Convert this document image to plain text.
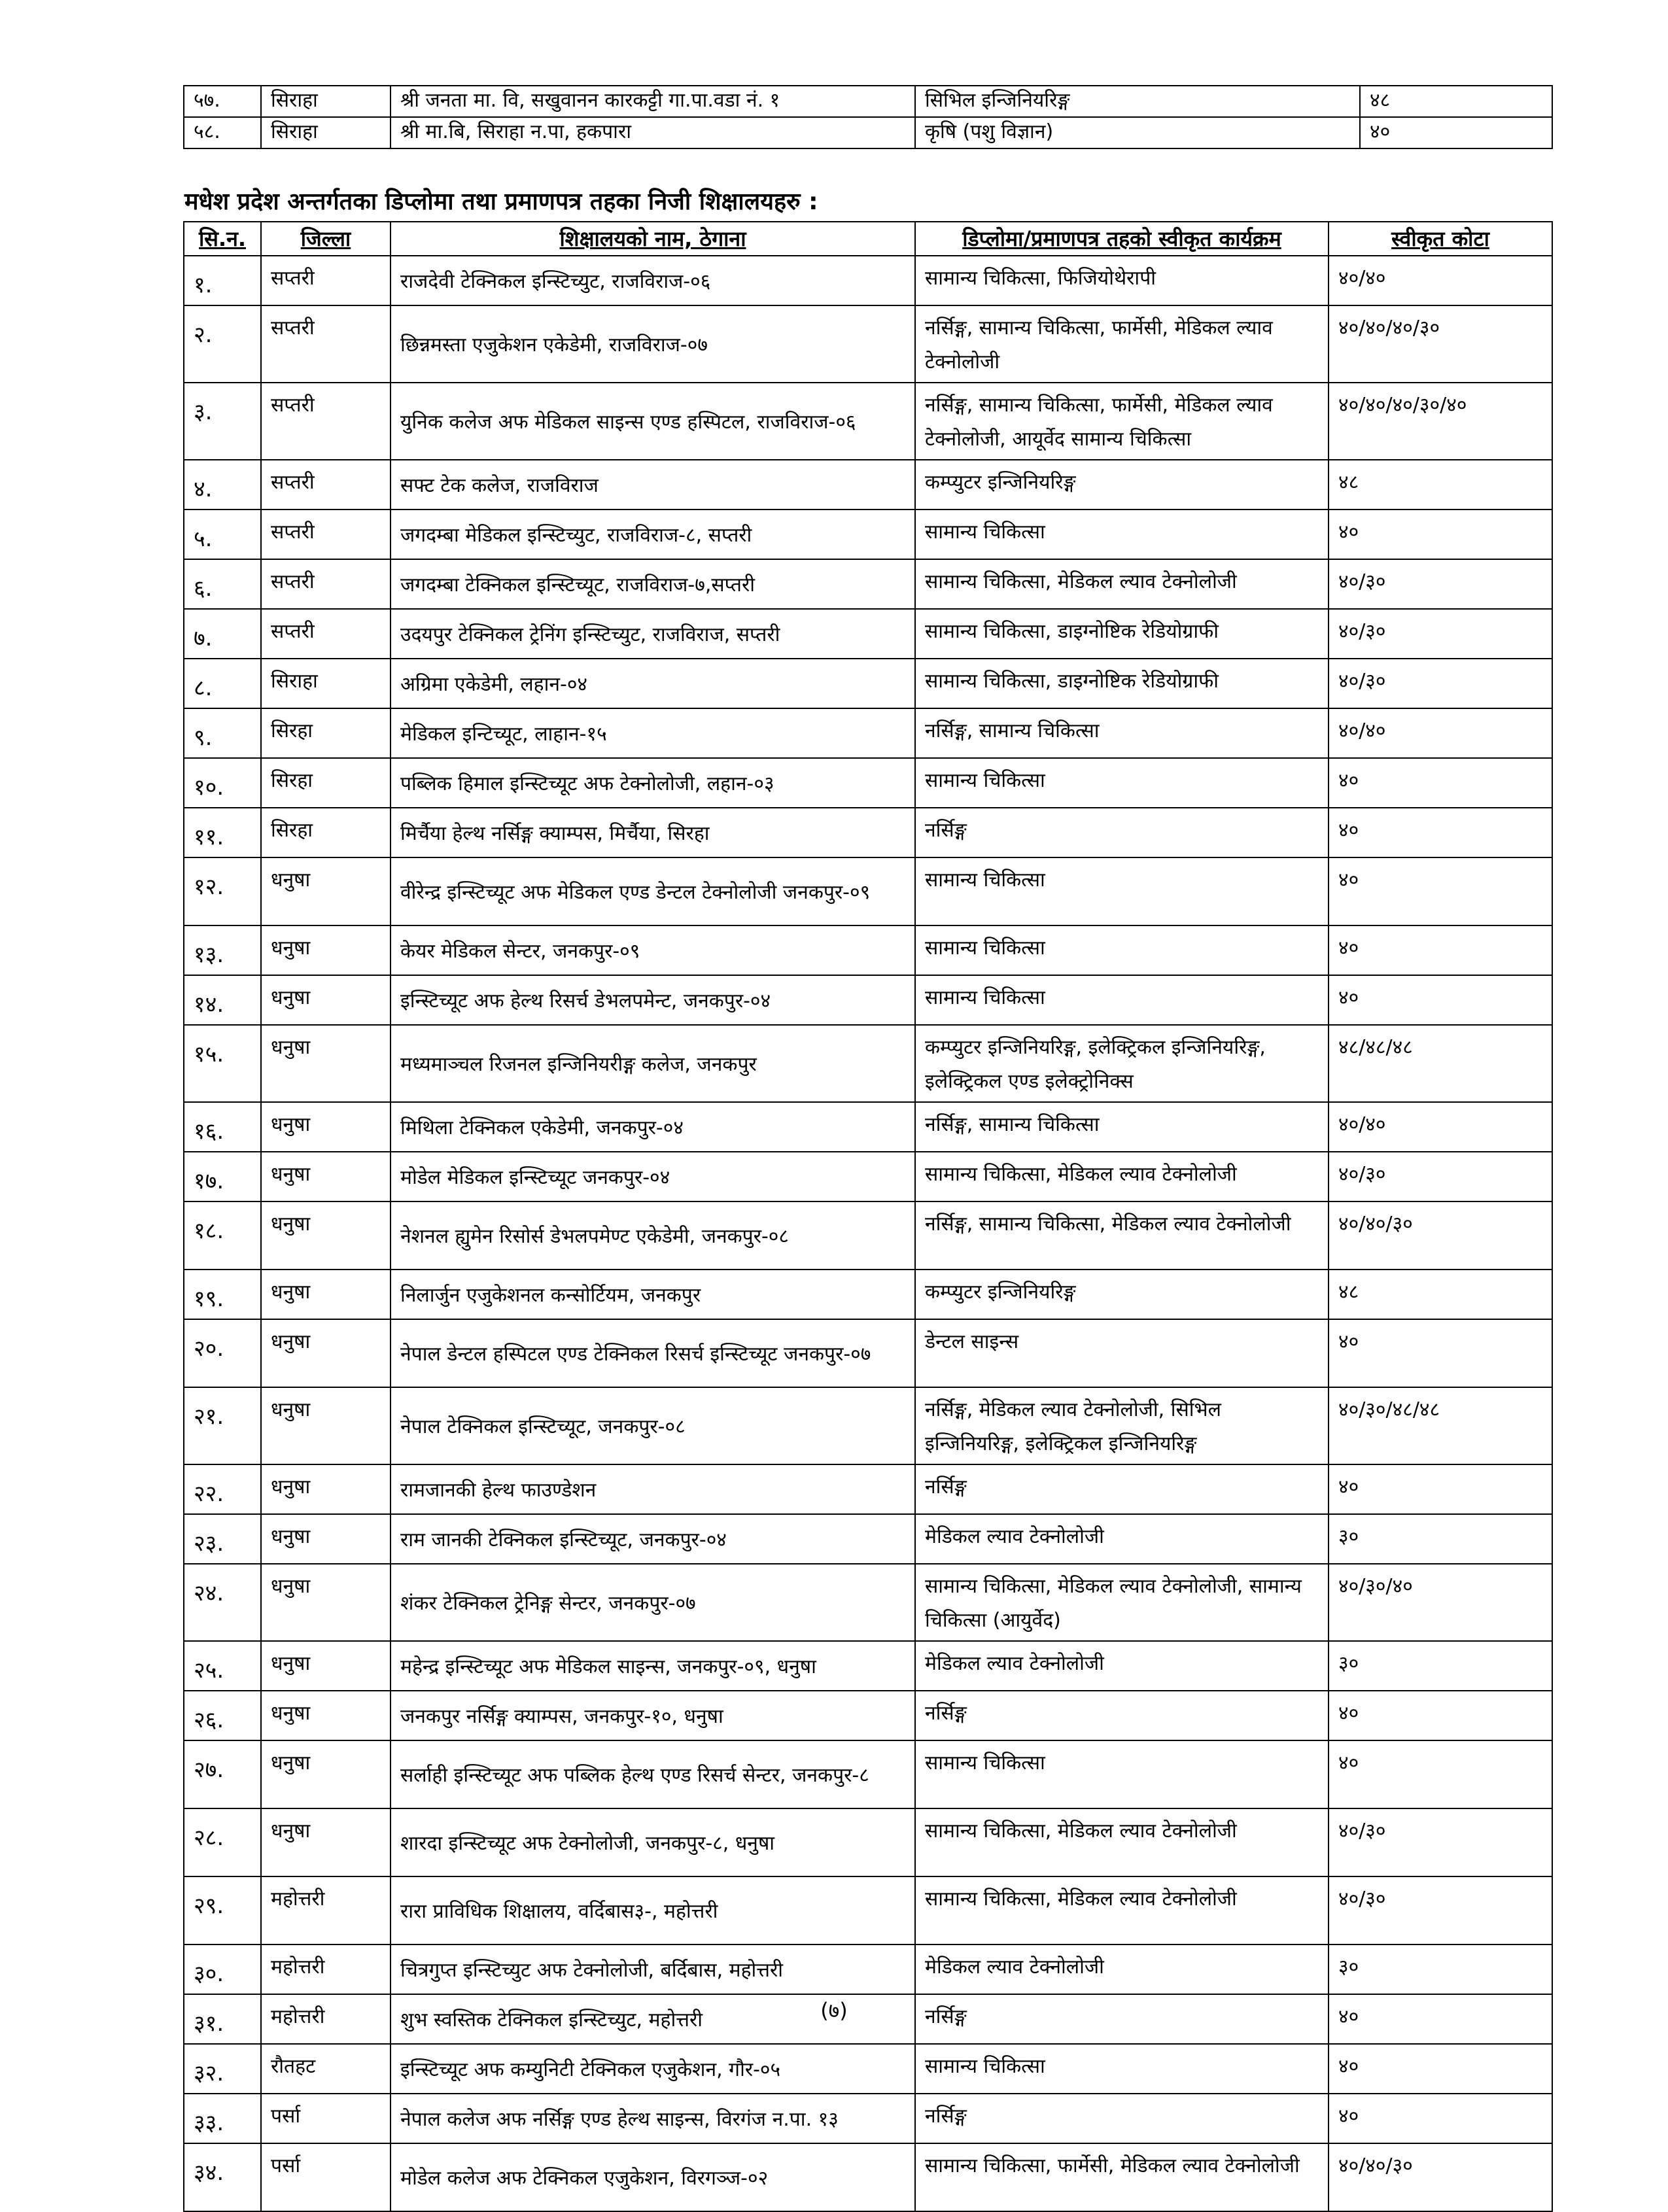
५७.	सिराहा	श्री जनता मा. वि, सखुवानन कारकट्टी गा.पा.वडा नं. १	सिभिल इन्जिनियरिङ्ग	४८
५८.	सिराहा	श्री मा.बि, सिराहा न.पा, हकपारा	कृषि (पशु विज्ञान)	४०
मधेश प्रदेश अन्तर्गतका डिप्लोमा तथा प्रमाणपत्र तहका निजी शिक्षालयहरु :
सि.न.	जिल्ला	शिक्षालयको नाम, ठेगाना	डिप्लोमा/प्रमाणपत्र तहको स्वीकृत कार्यक्रम	स्वीकृत कोटा
१.	सप्तरी	राजदेवी टेक्निकल इन्स्टिच्युट, राजविराज-०६	सामान्य चिकित्सा, फिजियोथेरापी	४०/४०
२.	सप्तरी	छिन्नमस्ता एजुकेशन एकेडेमी, राजविराज-०७	नर्सिङ्ग, सामान्य चिकित्सा, फार्मेसी, मेडिकल ल्याव टेक्नोलोजी	४०/४०/४०/३०
३.	सप्तरी	युनिक कलेज अफ मेडिकल साइन्स एण्ड हस्पिटल, राजविराज-०६	नर्सिङ्ग, सामान्य चिकित्सा, फार्मेसी, मेडिकल ल्याव टेक्नोलोजी, आयूर्वेद सामान्य चिकित्सा	४०/४०/४०/३०/४०
४.	सप्तरी	सफ्ट टेक कलेज, राजविराज	कम्प्युटर इन्जिनियरिङ्ग	४८
५.	सप्तरी	जगदम्बा मेडिकल इन्स्टिच्युट, राजविराज-८, सप्तरी	सामान्य चिकित्सा	४०
६.	सप्तरी	जगदम्बा टेक्निकल इन्स्टिच्यूट, राजविराज-७,सप्तरी	सामान्य चिकित्सा, मेडिकल ल्याव टेक्नोलोजी	४०/३०
७.	सप्तरी	उदयपुर टेक्निकल ट्रेनिंग इन्स्टिच्युट, राजविराज, सप्तरी	सामान्य चिकित्सा, डाइग्नोष्टिक रेडियोग्राफी	४०/३०
८.	सिराहा	अग्रिमा एकेडेमी, लहान-०४	सामान्य चिकित्सा, डाइग्नोष्टिक रेडियोग्राफी	४०/३०
९.	सिरहा	मेडिकल इन्टिच्यूट, लाहान-१५	नर्सिङ्ग, सामान्य चिकित्सा	४०/४०
१०.	सिरहा	पब्लिक हिमाल इन्स्टिच्यूट अफ टेक्नोलोजी, लहान-०३	सामान्य चिकित्सा	४०
११.	सिरहा	मिर्चैया हेल्थ नर्सिङ्ग क्याम्पस, मिर्चैया, सिरहा	नर्सिङ्ग	४०
१२.	धनुषा	वीरेन्द्र इन्स्टिच्यूट अफ मेडिकल एण्ड डेन्टल टेक्नोलोजी जनकपुर-०९	सामान्य चिकित्सा	४०
१३.	धनुषा	केयर मेडिकल सेन्टर, जनकपुर-०९	सामान्य चिकित्सा	४०
१४.	धनुषा	इन्स्टिच्यूट अफ हेल्थ रिसर्च डेभलपमेन्ट, जनकपुर-०४	सामान्य चिकित्सा	४०
१५.	धनुषा	मध्यमाञ्चल रिजनल इन्जिनियरीङ्ग कलेज, जनकपुर	कम्प्युटर इन्जिनियरिङ्ग, इलेक्ट्रिकल इन्जिनियरिङ्ग, इलेक्ट्रिकल एण्ड इलेक्ट्रोनिक्स	४८/४८/४८
१६.	धनुषा	मिथिला टेक्निकल एकेडेमी, जनकपुर-०४	नर्सिङ्ग, सामान्य चिकित्सा	४०/४०
१७.	धनुषा	मोडेल मेडिकल इन्स्टिच्यूट जनकपुर-०४	सामान्य चिकित्सा, मेडिकल ल्याव टेक्नोलोजी	४०/३०
१८.	धनुषा	नेशनल ह्युमेन रिसोर्स डेभलपमेण्ट एकेडेमी, जनकपुर-०८	नर्सिङ्ग, सामान्य चिकित्सा, मेडिकल ल्याव टेक्नोलोजी	४०/४०/३०
१९.	धनुषा	निलार्जुन एजुकेशनल कन्सोर्टियम, जनकपुर	कम्प्युटर इन्जिनियरिङ्ग	४८
२०.	धनुषा	नेपाल डेन्टल हस्पिटल एण्ड टेक्निकल रिसर्च इन्स्टिच्यूट जनकपुर-०७	डेन्टल साइन्स	४०
२१.	धनुषा	नेपाल टेक्निकल इन्स्टिच्यूट, जनकपुर-०८	नर्सिङ्ग, मेडिकल ल्याव टेक्नोलोजी, सिभिल इन्जिनियरिङ्ग, इलेक्ट्रिकल इन्जिनियरिङ्ग	४०/३०/४८/४८
२२.	धनुषा	रामजानकी हेल्थ फाउण्डेशन	नर्सिङ्ग	४०
२३.	धनुषा	राम जानकी टेक्निकल इन्स्टिच्यूट, जनकपुर-०४	मेडिकल ल्याव टेक्नोलोजी	३०
२४.	धनुषा	शंकर टेक्निकल ट्रेनिङ्ग सेन्टर, जनकपुर-०७	सामान्य चिकित्सा, मेडिकल ल्याव टेक्नोलोजी, सामान्य चिकित्सा (आयुर्वेद)	४०/३०/४०
२५.	धनुषा	महेन्द्र इन्स्टिच्यूट अफ मेडिकल साइन्स, जनकपुर-०९, धनुषा	मेडिकल ल्याव टेक्नोलोजी	३०
२६.	धनुषा	जनकपुर नर्सिङ्ग क्याम्पस, जनकपुर-१०, धनुषा	नर्सिङ्ग	४०
२७.	धनुषा	सर्लाही इन्स्टिच्यूट अफ पब्लिक हेल्थ एण्ड रिसर्च सेन्टर, जनकपुर-८	सामान्य चिकित्सा	४०
२८.	धनुषा	शारदा इन्स्टिच्यूट अफ टेक्नोलोजी, जनकपुर-८, धनुषा	सामान्य चिकित्सा, मेडिकल ल्याव टेक्नोलोजी	४०/३०
२९.	महोत्तरी	रारा प्राविधिक शिक्षालय, वर्दिबास३-, महोत्तरी	सामान्य चिकित्सा, मेडिकल ल्याव टेक्नोलोजी	४०/३०
३०.	महोत्तरी	चित्रगुप्त इन्स्टिच्युट अफ टेक्नोलोजी, बर्दिबास, महोत्तरी	मेडिकल ल्याव टेक्नोलोजी	३०
३१.	महोत्तरी	शुभ स्वस्तिक टेक्निकल इन्स्टिच्युट, महोत्तरी	नर्सिङ्ग	४०
३२.	रौतहट	इन्स्टिच्यूट अफ कम्युनिटी टेक्निकल एजुकेशन, गौर-०५	सामान्य चिकित्सा	४०
३३.	पर्सा	नेपाल कलेज अफ नर्सिङ्ग एण्ड हेल्थ साइन्स, विरगंज न.पा. १३	नर्सिङ्ग	४०
३४.	पर्सा	मोडेल कलेज अफ टेक्निकल एजुकेशन, विरगञ्ज-०२	सामान्य चिकित्सा, फार्मेसी, मेडिकल ल्याव टेक्नोलोजी	४०/४०/३०

(७)
